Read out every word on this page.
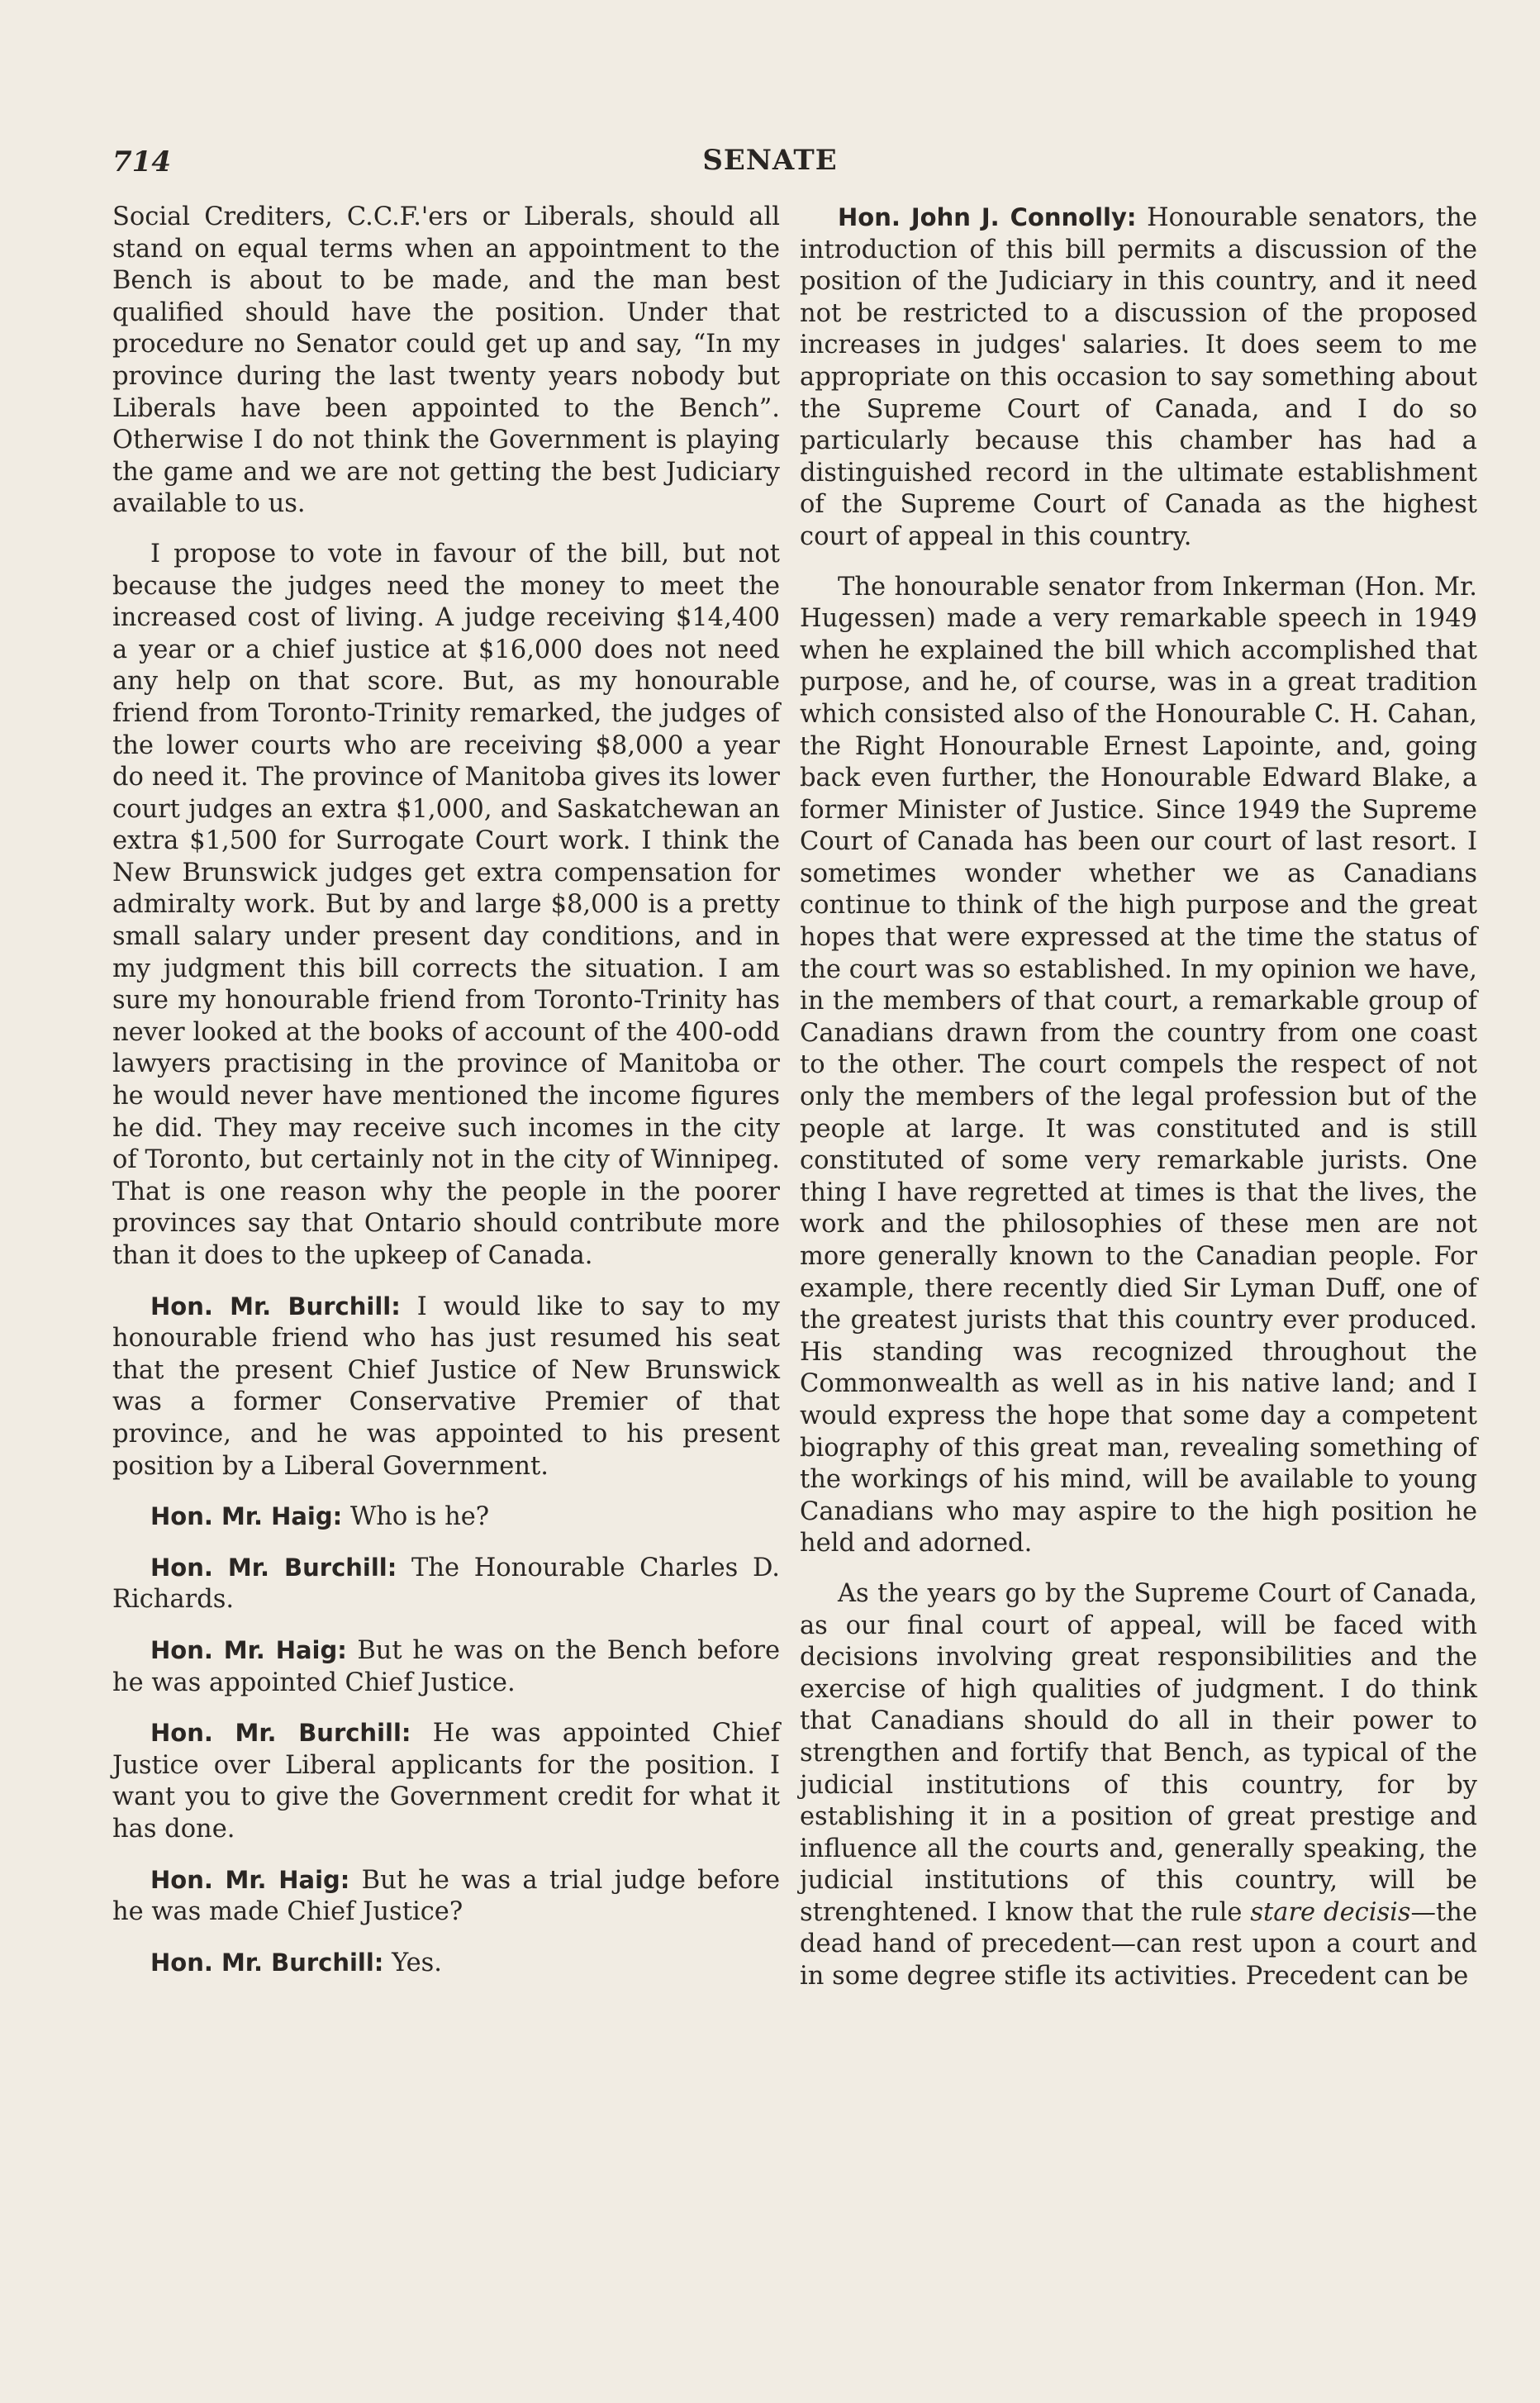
714	SENATE

Social Crediters, C.C.F.'ers or Liberals, should all stand on equal terms when an appointment to the Bench is about to be made, and the man best qualified should have the position. Under that procedure no Senator could get up and say, “In my province during the last twenty years nobody but Liberals have been appointed to the Bench”. Otherwise I do not think the Government is playing the game and we are not getting the best Judiciary available to us.

I propose to vote in favour of the bill, but not because the judges need the money to meet the increased cost of living. A judge receiving $14,400 a year or a chief justice at $16,000 does not need any help on that score. But, as my honourable friend from Toronto-Trinity remarked, the judges of the lower courts who are receiving $8,000 a year do need it. The province of Manitoba gives its lower court judges an extra $1,000, and Saskatchewan an extra $1,500 for Surrogate Court work. I think the New Brunswick judges get extra compensation for admiralty work. But by and large $8,000 is a pretty small salary under present day conditions, and in my judgment this bill corrects the situation. I am sure my honourable friend from Toronto-Trinity has never looked at the books of account of the 400-odd lawyers practising in the province of Manitoba or he would never have mentioned the income figures he did. They may receive such incomes in the city of Toronto, but certainly not in the city of Winnipeg. That is one reason why the people in the poorer provinces say that Ontario should contribute more than it does to the upkeep of Canada.

Hon. Mr. Burchill: I would like to say to my honourable friend who has just resumed his seat that the present Chief Justice of New Brunswick was a former Conservative Premier of that province, and he was appointed to his present position by a Liberal Government.

Hon. Mr. Haig: Who is he?

Hon. Mr. Burchill: The Honourable Charles D. Richards.

Hon. Mr. Haig: But he was on the Bench before he was appointed Chief Justice.

Hon. Mr. Burchill: He was appointed Chief Justice over Liberal applicants for the position. I want you to give the Government credit for what it has done.

Hon. Mr. Haig: But he was a trial judge before he was made Chief Justice?

Hon. Mr. Burchill: Yes.

Hon. John J. Connolly: Honourable senators, the introduction of this bill permits a discussion of the position of the Judiciary in this country, and it need not be restricted to a discussion of the proposed increases in judges' salaries. It does seem to me appropriate on this occasion to say something about the Supreme Court of Canada, and I do so particularly because this chamber has had a distinguished record in the ultimate establishment of the Supreme Court of Canada as the highest court of appeal in this country.

The honourable senator from Inkerman (Hon. Mr. Hugessen) made a very remarkable speech in 1949 when he explained the bill which accomplished that purpose, and he, of course, was in a great tradition which consisted also of the Honourable C. H. Cahan, the Right Honourable Ernest Lapointe, and, going back even further, the Honourable Edward Blake, a former Minister of Justice. Since 1949 the Supreme Court of Canada has been our court of last resort. I sometimes wonder whether we as Canadians continue to think of the high purpose and the great hopes that were expressed at the time the status of the court was so established. In my opinion we have, in the members of that court, a remarkable group of Canadians drawn from the country from one coast to the other. The court compels the respect of not only the members of the legal profession but of the people at large. It was constituted and is still constituted of some very remarkable jurists. One thing I have regretted at times is that the lives, the work and the philosophies of these men are not more generally known to the Canadian people. For example, there recently died Sir Lyman Duff, one of the greatest jurists that this country ever produced. His standing was recognized throughout the Commonwealth as well as in his native land; and I would express the hope that some day a competent biography of this great man, revealing something of the workings of his mind, will be available to young Canadians who may aspire to the high position he held and adorned.

As the years go by the Supreme Court of Canada, as our final court of appeal, will be faced with decisions involving great responsibilities and the exercise of high qualities of judgment. I do think that Canadians should do all in their power to strengthen and fortify that Bench, as typical of the judicial institutions of this country, for by establishing it in a position of great prestige and influence all the courts and, generally speaking, the judicial institutions of this country, will be strenghtened. I know that the rule stare decisis—the dead hand of precedent—can rest upon a court and in some degree stifle its activities. Precedent can be
